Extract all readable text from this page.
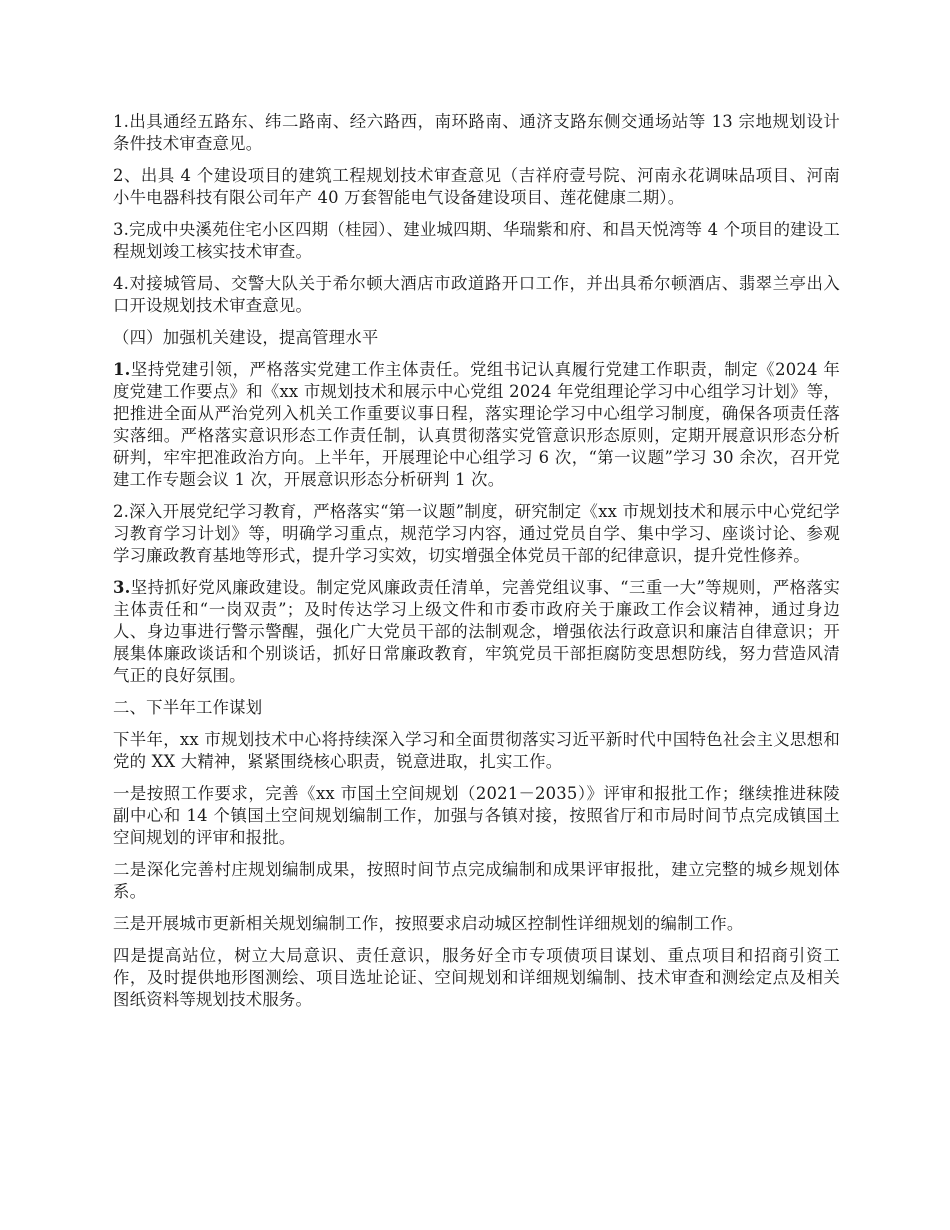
1.出具通经五路东、纬二路南、经六路西，南环路南、通济支路东侧交通场站等 13 宗地规划设计条件技术审查意见。

2、出具 4 个建设项目的建筑工程规划技术审查意见（吉祥府壹号院、河南永花调味品项目、河南小牛电器科技有限公司年产 40 万套智能电气设备建设项目、莲花健康二期）。

3.完成中央溪苑住宅小区四期（桂园）、建业城四期、华瑞紫和府、和昌天悦湾等 4 个项目的建设工程规划竣工核实技术审查。

4.对接城管局、交警大队关于希尔顿大酒店市政道路开口工作，并出具希尔顿酒店、翡翠兰亭出入口开设规划技术审查意见。

（四）加强机关建设，提高管理水平

1.坚持党建引领，严格落实党建工作主体责任。党组书记认真履行党建工作职责，制定《2024 年度党建工作要点》和《xx 市规划技术和展示中心党组 2024 年党组理论学习中心组学习计划》等，把推进全面从严治党列入机关工作重要议事日程，落实理论学习中心组学习制度，确保各项责任落实落细。严格落实意识形态工作责任制，认真贯彻落实党管意识形态原则，定期开展意识形态分析研判，牢牢把准政治方向。上半年，开展理论中心组学习 6 次，“第一议题”学习 30 余次，召开党建工作专题会议 1 次，开展意识形态分析研判 1 次。

2.深入开展党纪学习教育，严格落实“第一议题”制度，研究制定《xx 市规划技术和展示中心党纪学习教育学习计划》等，明确学习重点，规范学习内容，通过党员自学、集中学习、座谈讨论、参观学习廉政教育基地等形式，提升学习实效，切实增强全体党员干部的纪律意识，提升党性修养。

3.坚持抓好党风廉政建设。制定党风廉政责任清单，完善党组议事、“三重一大”等规则，严格落实主体责任和“一岗双责”；及时传达学习上级文件和市委市政府关于廉政工作会议精神，通过身边人、身边事进行警示警醒，强化广大党员干部的法制观念，增强依法行政意识和廉洁自律意识；开展集体廉政谈话和个别谈话，抓好日常廉政教育，牢筑党员干部拒腐防变思想防线，努力营造风清气正的良好氛围。

二、下半年工作谋划

下半年，xx 市规划技术中心将持续深入学习和全面贯彻落实习近平新时代中国特色社会主义思想和党的 XX 大精神，紧紧围绕核心职责，锐意进取，扎实工作。

一是按照工作要求，完善《xx 市国土空间规划（2021－2035）》评审和报批工作；继续推进秣陵副中心和 14 个镇国土空间规划编制工作，加强与各镇对接，按照省厅和市局时间节点完成镇国土空间规划的评审和报批。

二是深化完善村庄规划编制成果，按照时间节点完成编制和成果评审报批，建立完整的城乡规划体系。

三是开展城市更新相关规划编制工作，按照要求启动城区控制性详细规划的编制工作。

四是提高站位，树立大局意识、责任意识，服务好全市专项债项目谋划、重点项目和招商引资工作，及时提供地形图测绘、项目选址论证、空间规划和详细规划编制、技术审查和测绘定点及相关图纸资料等规划技术服务。
